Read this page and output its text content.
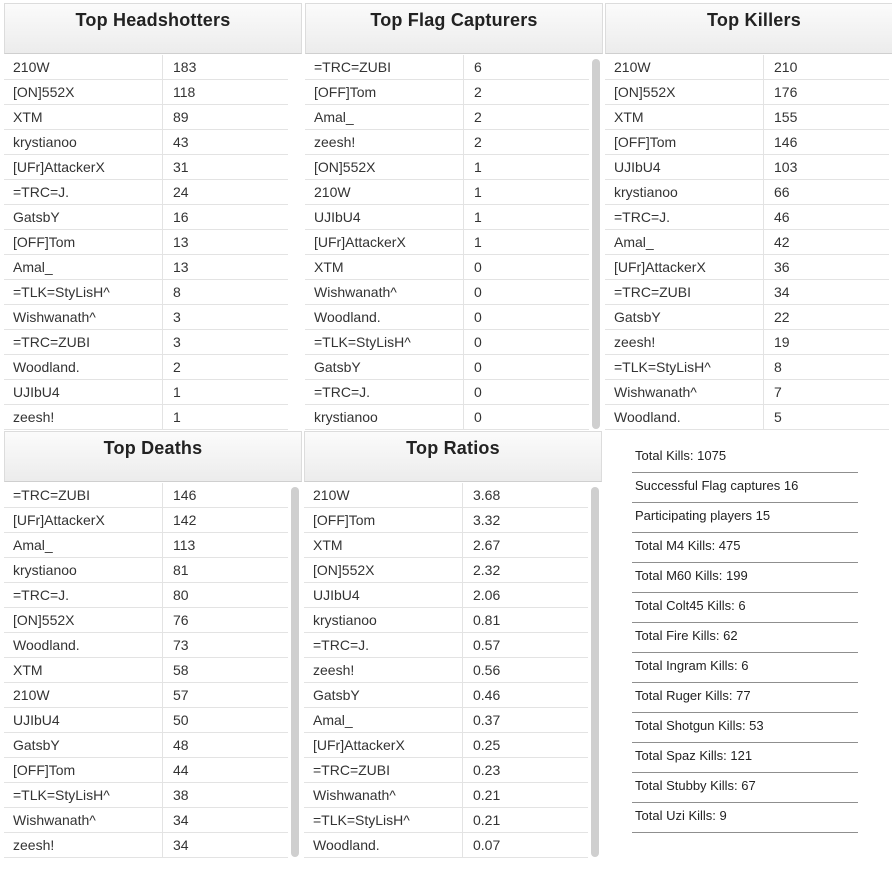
Top Headshotters
210W	183
[ON]552X	118
XTM	89
krystianoo	43
[UFr]AttackerX	31
=TRC=J.	24
GatsbY	16
[OFF]Tom	13
Amal_	13
=TLK=StyLisH^	8
Wishwanath^	3
=TRC=ZUBI	3
Woodland.	2
UJIbU4	1
zeesh!	1
Top Flag Capturers
=TRC=ZUBI	6
[OFF]Tom	2
Amal_	2
zeesh!	2
[ON]552X	1
210W	1
UJIbU4	1
[UFr]AttackerX	1
XTM	0
Wishwanath^	0
Woodland.	0
=TLK=StyLisH^	0
GatsbY	0
=TRC=J.	0
krystianoo	0
Top Killers
210W	210
[ON]552X	176
XTM	155
[OFF]Tom	146
UJIbU4	103
krystianoo	66
=TRC=J.	46
Amal_	42
[UFr]AttackerX	36
=TRC=ZUBI	34
GatsbY	22
zeesh!	19
=TLK=StyLisH^	8
Wishwanath^	7
Woodland.	5
Top Deaths
=TRC=ZUBI	146
[UFr]AttackerX	142
Amal_	113
krystianoo	81
=TRC=J.	80
[ON]552X	76
Woodland.	73
XTM	58
210W	57
UJIbU4	50
GatsbY	48
[OFF]Tom	44
=TLK=StyLisH^	38
Wishwanath^	34
zeesh!	34
Top Ratios
210W	3.68
[OFF]Tom	3.32
XTM	2.67
[ON]552X	2.32
UJIbU4	2.06
krystianoo	0.81
=TRC=J.	0.57
zeesh!	0.56
GatsbY	0.46
Amal_	0.37
[UFr]AttackerX	0.25
=TRC=ZUBI	0.23
Wishwanath^	0.21
=TLK=StyLisH^	0.21
Woodland.	0.07
Total Kills: 1075
Successful Flag captures 16
Participating players 15
Total M4 Kills: 475
Total M60 Kills: 199
Total Colt45 Kills: 6
Total Fire Kills: 62
Total Ingram Kills: 6
Total Ruger Kills: 77
Total Shotgun Kills: 53
Total Spaz Kills: 121
Total Stubby Kills: 67
Total Uzi Kills: 9
